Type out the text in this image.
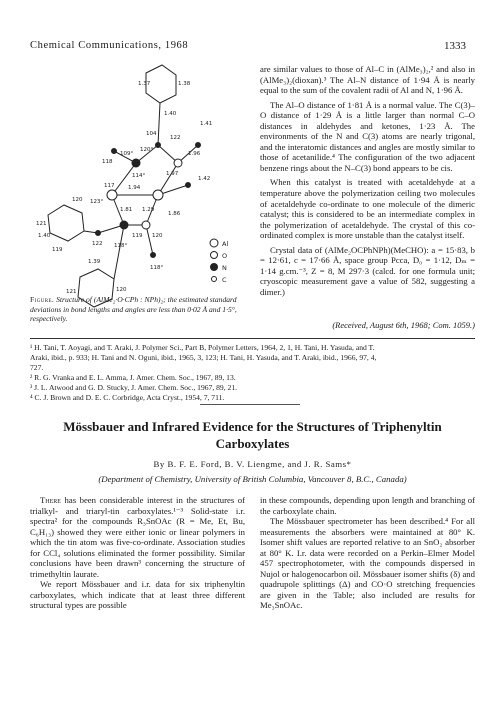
Chemical Communications, 1968	1333
118
109°
120°
114°
123°
120
121
122
119
118°
1.81 1.29
1.97
1.86
1.94
1.96
1.38
1.40
1.37
1.41
1.42
104
122
117
120
119
118°
121	120
1.39
1.40
Al
O
N
C
Figure. Structure of (AlMe₂·O·CPh : NPh)₂; the estimated standard deviations in bond lengths and angles are less than 0·02 Å and 1·5°, respectively.

are similar values to those of Al–C in (AlMe₃)₂,² and also in (AlMe₃)₂(dioxan).³ The Al–N distance of 1·94 Å is nearly equal to the sum of the covalent radii of Al and N, 1·96 Å.

The Al–O distance of 1·81 Å is a normal value. The C(3)–O distance of 1·29 Å is a little larger than normal C–O distances in aldehydes and ketones, 1·23 Å. The environments of the N and C(3) atoms are nearly trigonal, and the interatomic distances and angles are mostly similar to those of acetanilide.⁴ The configuration of the two adjacent benzene rings about the N–C(3) bond appears to be cis.

When this catalyst is treated with acetaldehyde at a temperature above the polymerization ceiling two molecules of acetaldehyde co-ordinate to one molecule of the dimeric catalyst; this is considered to be an intermediate complex in the polymerization of acetaldehyde. The crystal of this co-ordinated complex is more unstable than the catalyst itself.

Crystal data of (AlMe₂OCPhNPh)(MeCHO): a = 15·83, b = 12·61, c = 17·66 Å, space group Pcca, D₀ = 1·12, Dₘ = 1·14 g.cm.⁻³, Z = 8, M 297·3 (calcd. for one formula unit; cryoscopic measurement gave a value of 582, suggesting a dimer.)

(Received, August 6th, 1968; Com. 1059.)
¹ H. Tani, T. Aoyagi, and T. Araki, J. Polymer Sci., Part B, Polymer Letters, 1964, 2, 1, H. Tani, H. Yasuda, and T.
Araki, ibid., p. 933; H. Tani and N. Oguni, ibid., 1965, 3, 123; H. Tani, H. Yasuda, and T. Araki, ibid., 1966, 97, 4,
727.
² R. G. Vranka and E. L. Amma, J. Amer. Chem. Soc., 1967, 89, 13.
³ J. L. Atwood and G. D. Stucky, J. Amer. Chem. Soc., 1967, 89, 21.
⁴ C. J. Brown and D. E. C. Corbridge, Acta Cryst., 1954, 7, 711.
Mössbauer and Infrared Evidence for the Structures of Triphenyltin
Carboxylates
By B. F. E. Ford, B. V. Liengme, and J. R. Sams*
(Department of Chemistry, University of British Columbia, Vancouver 8, B.C., Canada)

There has been considerable interest in the structures of trialkyl- and triaryl-tin carboxylates.¹⁻³ Solid-state i.r. spectra² for the compounds R₃SnOAc (R = Me, Et, Bu, C₆H₁₃) showed they were either ionic or linear polymers in which the tin atom was five-co-ordinate. Association studies for CCl₄ solutions eliminated the former possibility. Similar conclusions have been drawn³ concerning the structure of trimethyltin laurate.

We report Mössbauer and i.r. data for six triphenyltin carboxylates, which indicate that at least three different structural types are possible

in these compounds, depending upon length and branching of the carboxylate chain.

The Mössbauer spectrometer has been described.⁴ For all measurements the absorbers were maintained at 80° K. Isomer shift values are reported relative to an SnO₂ absorber at 80° K. I.r. data were recorded on a Perkin–Elmer Model 457 spectrophotometer, with the compounds dispersed in Nujol or halogenocarbon oil. Mössbauer isomer shifts (δ) and quadrupole splittings (Δ) and CO·O stretching frequencies are given in the Table; also included are results for Me₃SnOAc.
